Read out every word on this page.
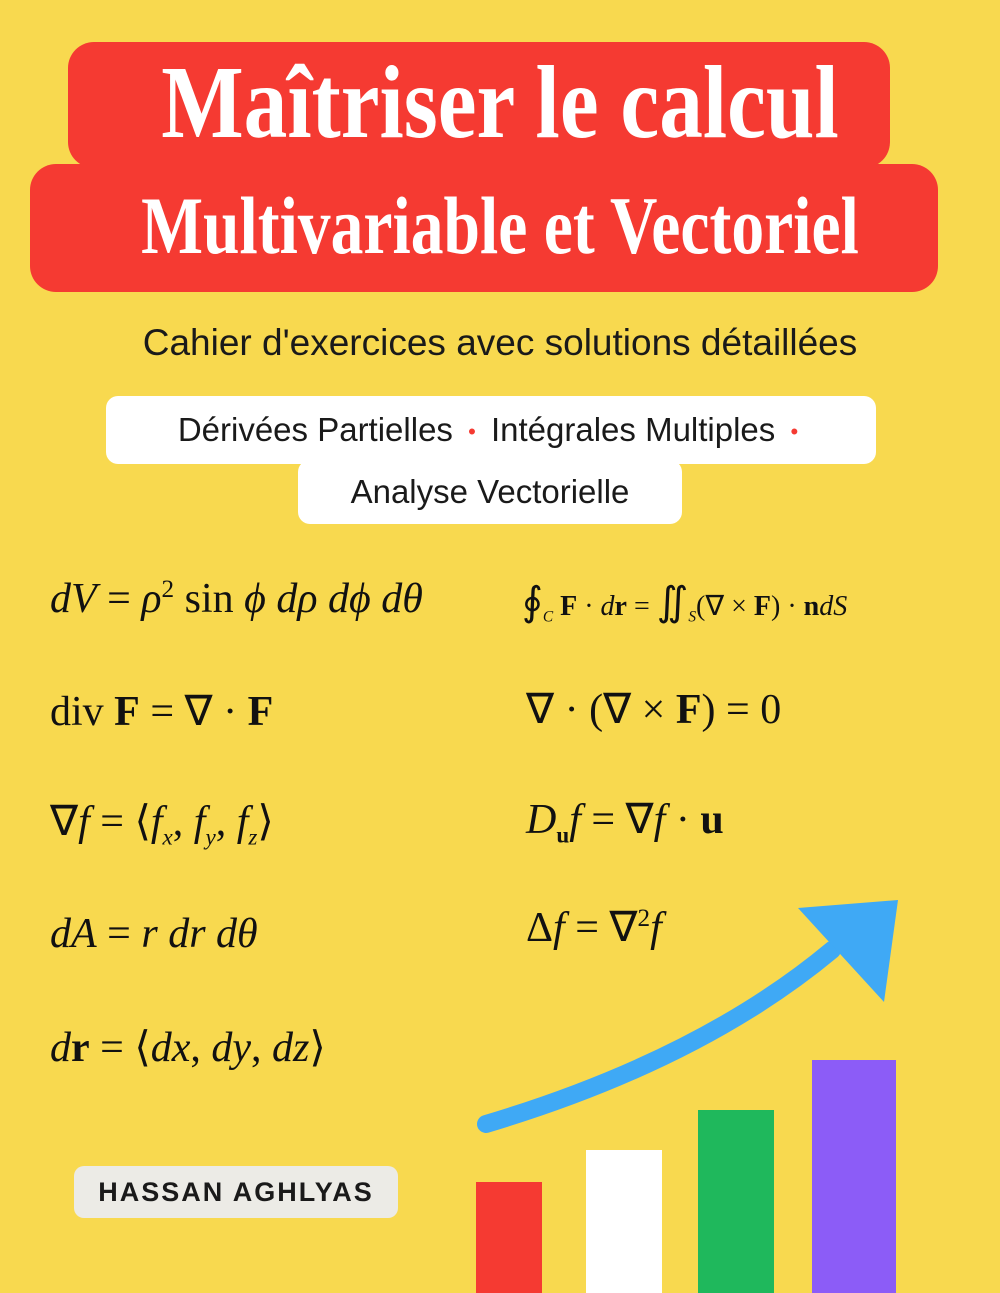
Maîtriser le calcul
Multivariable et Vectoriel
Cahier d'exercices avec solutions détaillées
Dérivées Partielles • Intégrales Multiples •
Analyse Vectorielle
dV = $\rho^2$ sin ϕ dρ dϕ dθ
div F = ∇ · F
$\nabla f = ⟨f_x$, $f_y$, $f_z⟩$
dA = r dr dθ
dr = ⟨dx, dy, dz⟩
$∮_C$ F · dr = $∬_S(\nabla \times F)$ · ndS
∇ · (∇ × F) = 0
$D_uf = \nabla f \cdot u$
Δf = ∇$^2$f
HASSAN AGHLYAS
